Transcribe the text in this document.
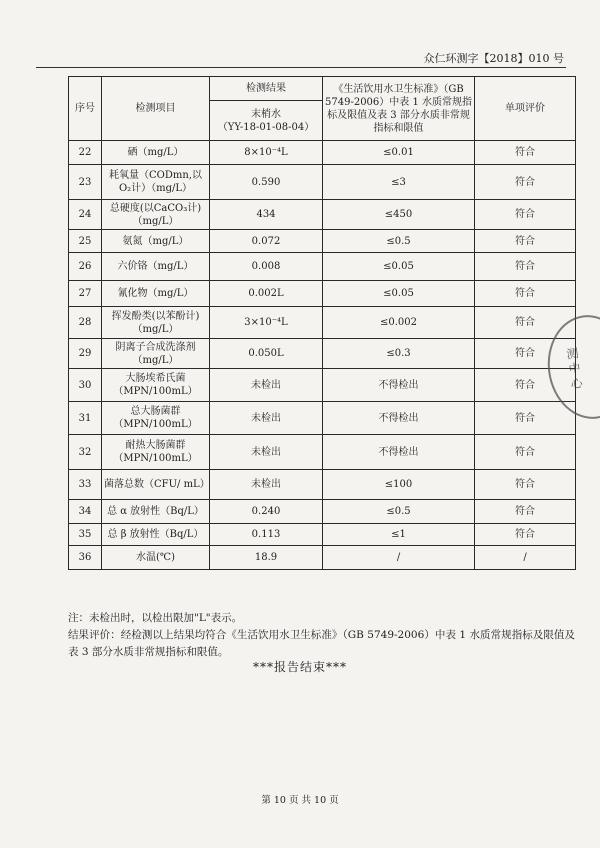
众仁环测字【2018】010 号
序号	检测项目	检测结果	《生活饮用水卫生标准》（GB 5749-2006）中表 1 水质常规指标及限值及表 3 部分水质非常规指标和限值	单项评价

		末梢水
（YY-18-01-08-04）		

22	硒（mg/L）	8×10⁻⁴L	≤0.01	符合
23	耗氧量（CODmn,以O₂计）（mg/L）	0.590	≤3	符合
24	总硬度(以CaCO₃计)（mg/L）	434	≤450	符合
25	氨氮（mg/L）	0.072	≤0.5	符合
26	六价铬（mg/L）	0.008	≤0.05	符合
27	氰化物（mg/L）	0.002L	≤0.05	符合
28	挥发酚类(以苯酚计)（mg/L）	3×10⁻⁴L	≤0.002	符合
29	阴离子合成洗涤剂（mg/L）	0.050L	≤0.3	符合
30	大肠埃希氏菌（MPN/100mL）	未检出	不得检出	符合
31	总大肠菌群（MPN/100mL）	未检出	不得检出	符合
32	耐热大肠菌群（MPN/100mL）	未检出	不得检出	符合
33	菌落总数（CFU/ mL）	未检出	≤100	符合
34	总 α 放射性（Bq/L）	0.240	≤0.5	符合
35	总 β 放射性（Bq/L）	0.113	≤1	符合
36	水温(℃)	18.9	/	/
注：未检出时，以检出限加"L"表示。
结果评价：经检测以上结果均符合《生活饮用水卫生标准》（GB 5749-2006）中表 1 水质常规指标及限值及表 3 部分水质非常规指标和限值。
***报告结束***
第 10 页 共 10 页
测中心
